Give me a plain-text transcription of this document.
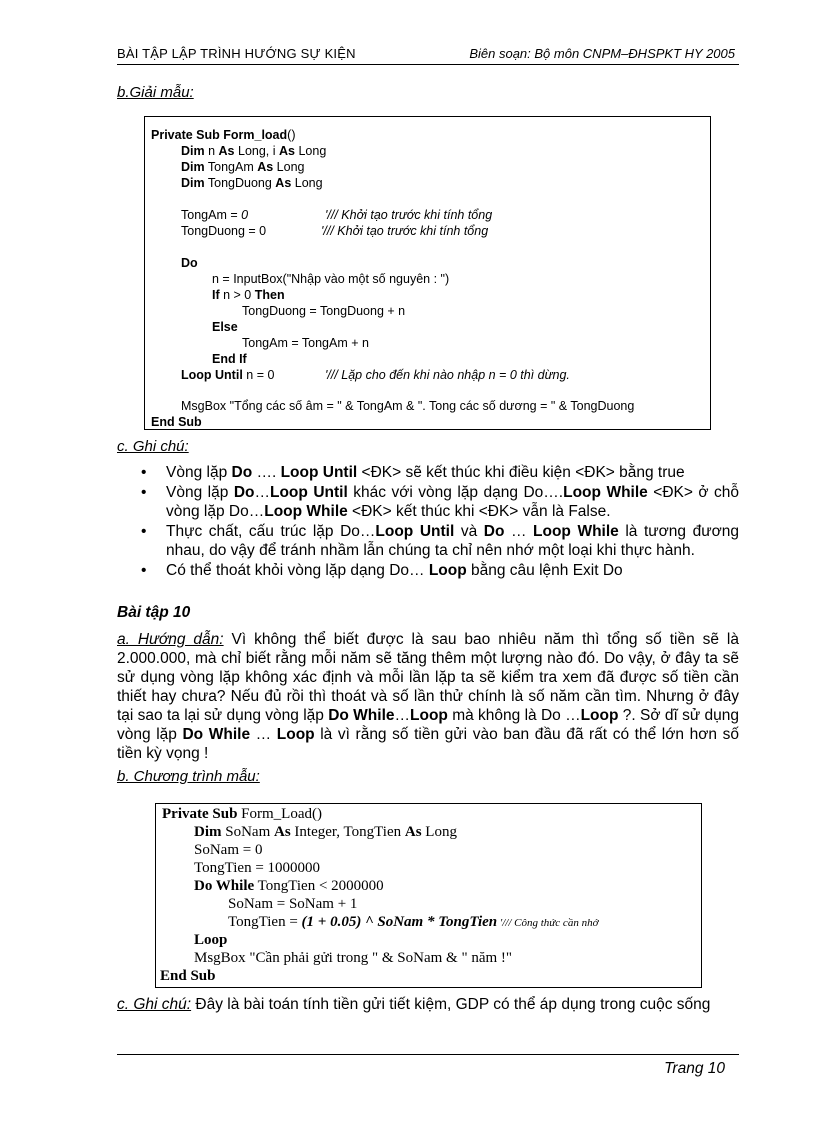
BÀI TẬP LẬP TRÌNH HƯỚNG SỰ KIỆN	Biên soạn: Bộ môn CNPM–ĐHSPKT HY 2005
b.Giải mẫu:
Private Sub Form_load()
Dim n As Long, i As Long
Dim TongAm As Long
Dim TongDuong As Long
TongAm = 0	'/// Khởi tạo trước khi tính tổng
TongDuong = 0	'/// Khởi tạo trước khi tính tổng
Do
n = InputBox("Nhập vào một số nguyên : ")
If n > 0 Then
TongDuong = TongDuong + n
Else
TongAm = TongAm + n
End If
Loop Until n = 0	'/// Lặp cho đến khi nào nhập n = 0 thì dừng.
MsgBox "Tổng các số âm = " & TongAm & ". Tong các số dương = " & TongDuong
End Sub
c. Ghi chú:
• Vòng lặp Do …. Loop Until <ĐK> sẽ kết thúc khi điều kiện <ĐK> bằng true
• Vòng lặp Do…Loop Until khác với vòng lặp dạng Do….Loop While <ĐK> ở chỗ vòng lặp Do…Loop While <ĐK> kết thúc khi <ĐK> vẫn là False.
• Thực chất, cấu trúc lặp Do…Loop Until và Do … Loop While là tương đương nhau, do vậy để tránh nhầm lẫn chúng ta chỉ nên nhớ một loại khi thực hành.
• Có thể thoát khỏi vòng lặp dạng Do… Loop bằng câu lệnh Exit Do
Bài tập 10
a. Hướng dẫn: Vì không thể biết được là sau bao nhiêu năm thì tổng số tiền sẽ là 2.000.000, mà chỉ biết rằng mỗi năm sẽ tăng thêm một lượng nào đó. Do vậy, ở đây ta sẽ sử dụng vòng lặp không xác định và mỗi lần lặp ta sẽ kiểm tra xem đã được số tiền cần thiết hay chưa? Nếu đủ rồi thì thoát và số lần thử chính là số năm cần tìm. Nhưng ở đây tại sao ta lại sử dụng vòng lặp Do While…Loop mà không là Do …Loop ?. Sở dĩ sử dụng vòng lặp Do While … Loop là vì rằng số tiền gửi vào ban đầu đã rất có thể lớn hơn số tiền kỳ vọng !
b. Chương trình mẫu:
Private Sub Form_Load()
Dim SoNam As Integer, TongTien As Long
SoNam = 0
TongTien = 1000000
Do While TongTien < 2000000
SoNam = SoNam + 1
TongTien = (1 + 0.05) ^ SoNam * TongTien '/// Công thức cần nhớ
Loop
MsgBox "Cần phải gửi trong " & SoNam & " năm !"
End Sub
c. Ghi chú: Đây là bài toán tính tiền gửi tiết kiệm, GDP có thể áp dụng trong cuộc sống
Trang 10
